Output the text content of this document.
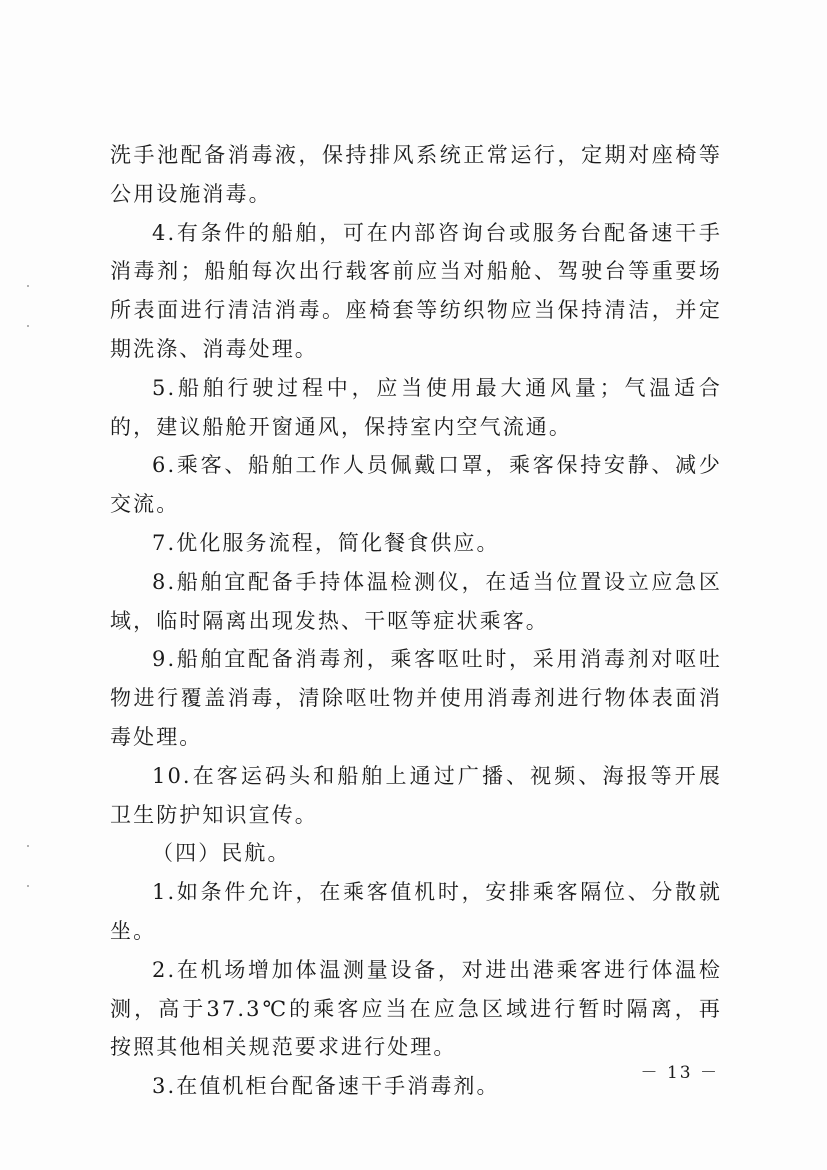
洗手池配备消毒液，保持排风系统正常运行，定期对座椅等公用设施消毒。

4.有条件的船舶，可在内部咨询台或服务台配备速干手消毒剂；船舶每次出行载客前应当对船舱、驾驶台等重要场所表面进行清洁消毒。座椅套等纺织物应当保持清洁，并定期洗涤、消毒处理。

5.船舶行驶过程中，应当使用最大通风量；气温适合的，建议船舱开窗通风，保持室内空气流通。

6.乘客、船舶工作人员佩戴口罩，乘客保持安静、减少交流。

7.优化服务流程，简化餐食供应。

8.船舶宜配备手持体温检测仪，在适当位置设立应急区域，临时隔离出现发热、干呕等症状乘客。

9.船舶宜配备消毒剂，乘客呕吐时，采用消毒剂对呕吐物进行覆盖消毒，清除呕吐物并使用消毒剂进行物体表面消毒处理。

10.在客运码头和船舶上通过广播、视频、海报等开展卫生防护知识宣传。

（四）民航。

1.如条件允许，在乘客值机时，安排乘客隔位、分散就坐。

2.在机场增加体温测量设备，对进出港乘客进行体温检测，高于37.3℃的乘客应当在应急区域进行暂时隔离，再按照其他相关规范要求进行处理。

3.在值机柜台配备速干手消毒剂。

－ 13 －
